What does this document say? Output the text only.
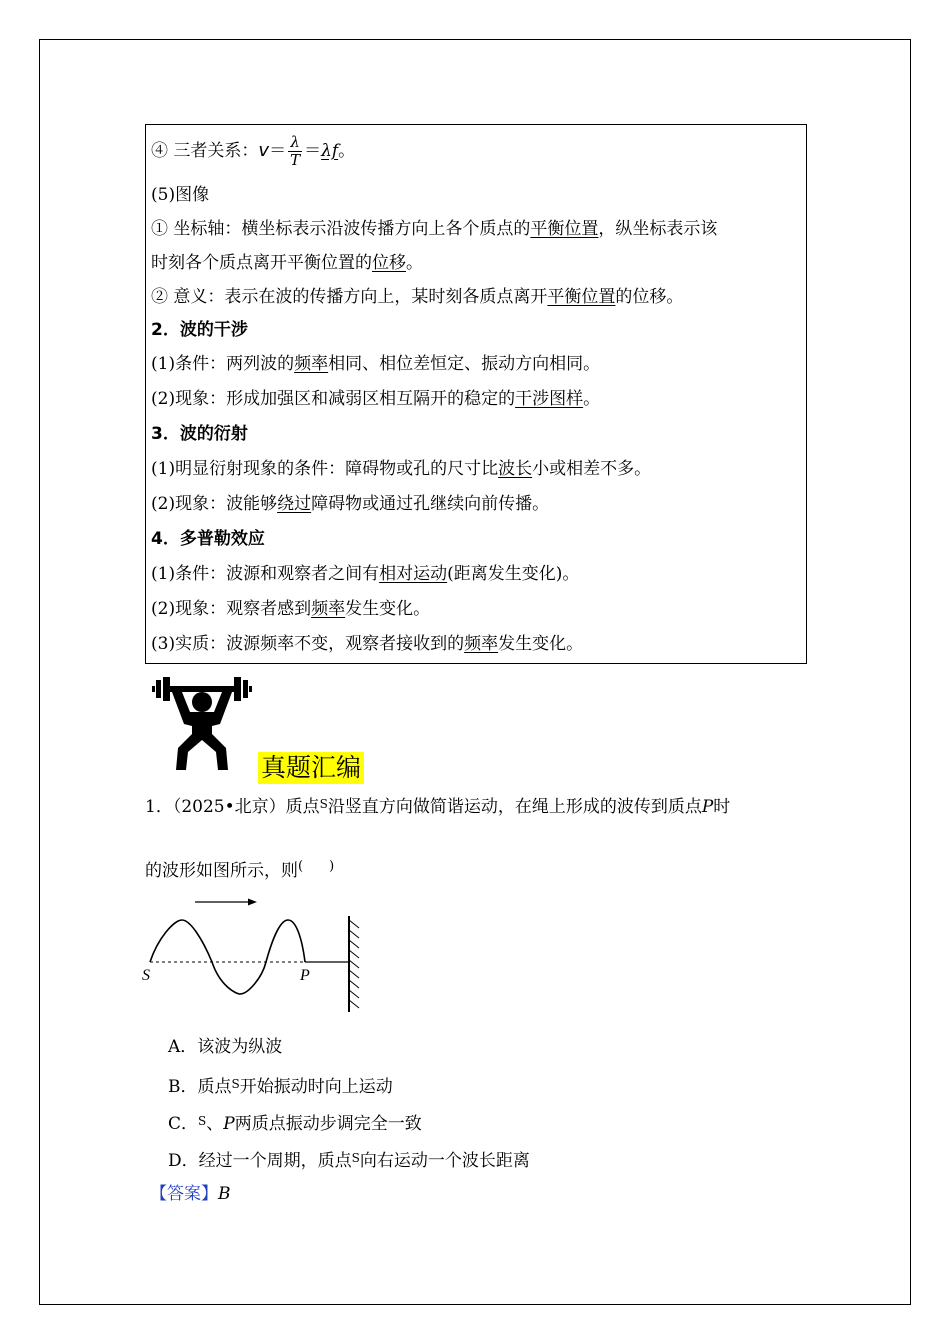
④ 三者关系：$v= \frac{\lambda}{T} =\lambda f$。
(5)图像
① 坐标轴：横坐标表示沿波传播方向上各个质点的平衡位置，纵坐标表示该
时刻各个质点离开平衡位置的位移。
② 意义：表示在波的传播方向上，某时刻各质点离开平衡位置的位移。
2．波的干涉
(1)条件：两列波的频率相同、相位差恒定、振动方向相同。
(2)现象：形成加强区和减弱区相互隔开的稳定的干涉图样。
3．波的衍射
(1)明显衍射现象的条件：障碍物或孔的尺寸比波长小或相差不多。
(2)现象：波能够绕过障碍物或通过孔继续向前传播。
4．多普勒效应
(1)条件：波源和观察者之间有相对运动(距离发生变化)。
(2)现象：观察者感到频率发生变化。
(3)实质：波源频率不变，观察者接收到的频率发生变化。
真题汇编
1．（2025•北京）质点$^S$沿竖直方向做简谐运动，在绳上形成的波传到质点P时
的波形如图所示，则(　　)
S	P
A．该波为纵波
B．质点$^S$开始振动时向上运动
C．$^S$、P两质点振动步调完全一致
D．经过一个周期，质点$^S$向右运动一个波长距离
【答案】B
